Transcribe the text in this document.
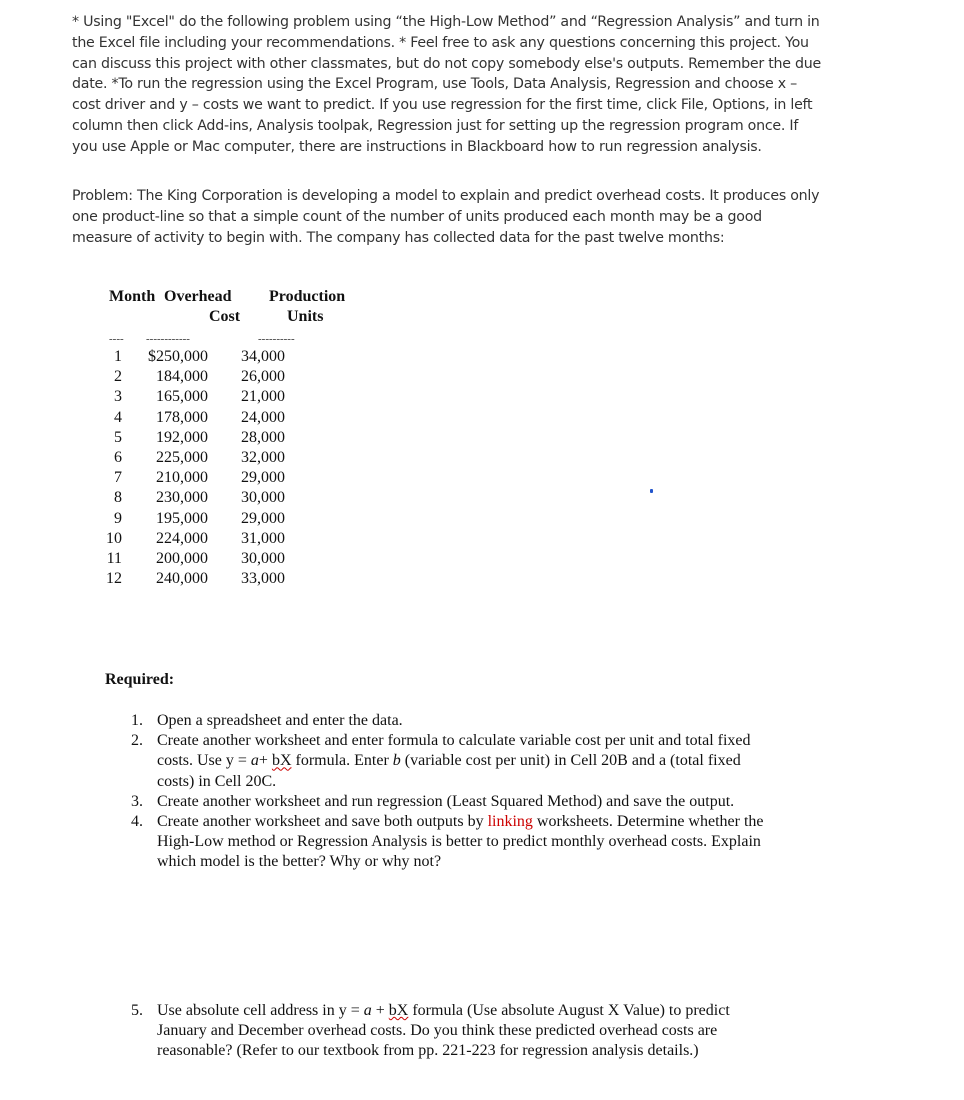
* Using "Excel" do the following problem using “the High-Low Method” and “Regression Analysis” and turn in the Excel file including your recommendations. * Feel free to ask any questions concerning this project. You can discuss this project with other classmates, but do not copy somebody else's outputs. Remember the due date. *To run the regression using the Excel Program, use Tools, Data Analysis, Regression and choose x – cost driver and y – costs we want to predict. If you use regression for the first time, click File, Options, in left column then click Add-ins, Analysis toolpak, Regression just for setting up the regression program once. If you use Apple or Mac computer, there are instructions in Blackboard how to run regression analysis.

Problem: The King Corporation is developing a model to explain and predict overhead costs. It produces only one product-line so that a simple count of the number of units produced each month may be a good measure of activity to begin with. The company has collected data for the past twelve months:

Month Overhead
Cost
Production
Units
---- ------------	----------
1	$250,000	34,000
2	184,000	26,000
3	165,000	21,000
4	178,000	24,000
5	192,000	28,000
6	225,000	32,000
7	210,000	29,000
8	230,000	30,000
9	195,000	29,000
10	224,000	31,000
11	200,000	30,000
12	240,000	33,000
Required:
1. Open a spreadsheet and enter the data.
2. Create another worksheet and enter formula to calculate variable cost per unit and total fixed costs. Use y = a+ bX formula. Enter b (variable cost per unit) in Cell 20B and a (total fixed costs) in Cell 20C.
3. Create another worksheet and run regression (Least Squared Method) and save the output.
4. Create another worksheet and save both outputs by linking worksheets. Determine whether the High-Low method or Regression Analysis is better to predict monthly overhead costs. Explain which model is the better? Why or why not?
5. Use absolute cell address in y = a + bX formula (Use absolute August X Value) to predict January and December overhead costs. Do you think these predicted overhead costs are reasonable? (Refer to our textbook from pp. 221-223 for regression analysis details.)
